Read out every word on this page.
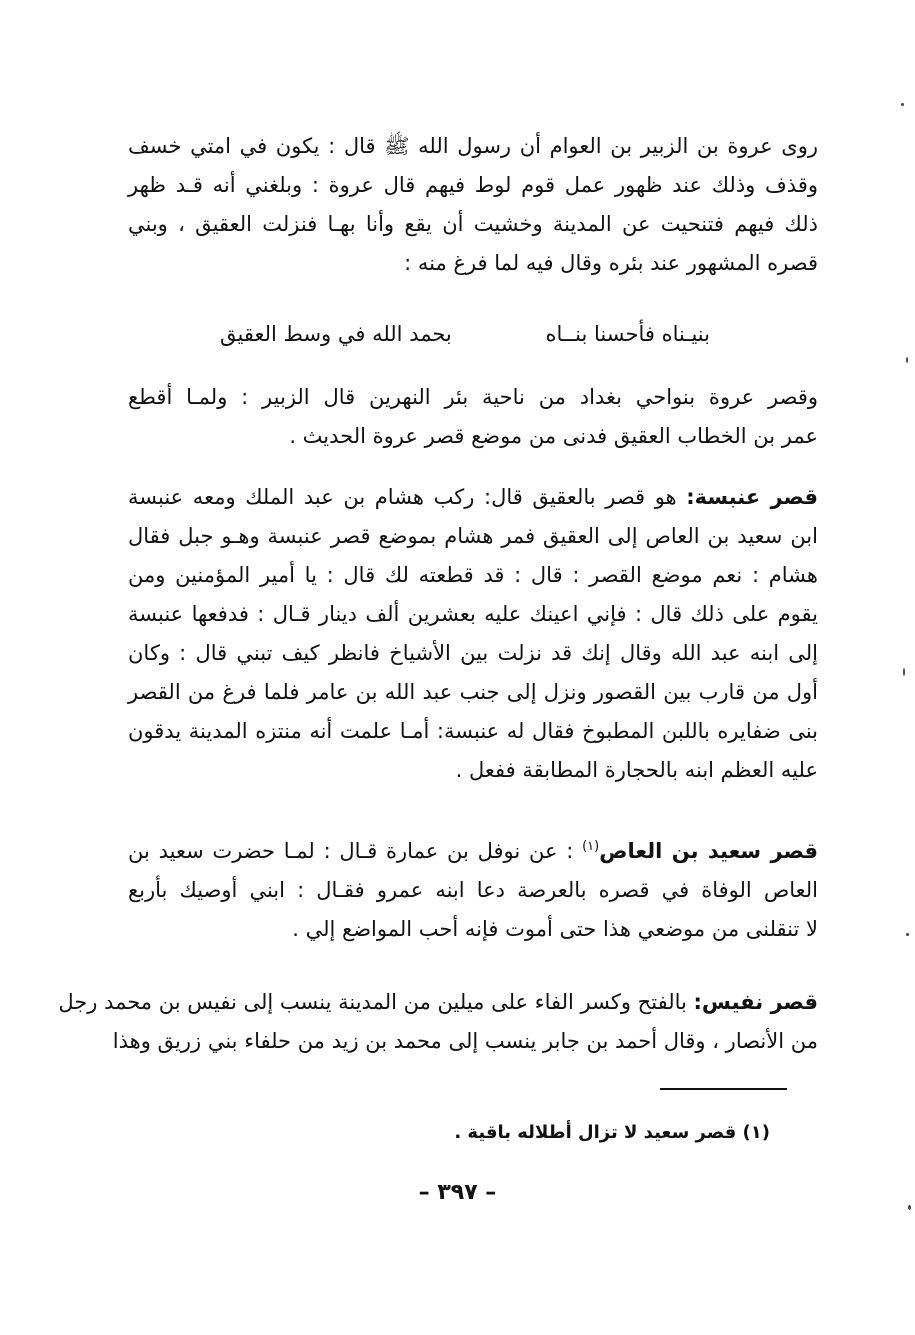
روى عروة بن الزبير بن العوام أن رسول الله ﷺ قال : يكون في امتي خسف
وقذف وذلك عند ظهور عمل قوم لوط فيهم قال عروة : وبلغني أنه قـد ظهر
ذلك فيهم فتنحيت عن المدينة وخشيت أن يقع وأنا بهـا فنزلت العقيق ، وبني
قصره المشهور عند بئره وقال فيه لما فرغ منه :
بنيـناه فأحسنا بنــاه
بحمد الله في وسط العقيق
وقصر عروة بنواحي بغداد من ناحية بئر النهرين قال الزبير : ولمـا أقطع
عمر بن الخطاب العقيق فدنى من موضع قصر عروة الحديث .
قصر عنبسة: هو قصر بالعقيق قال: ركب هشام بن عبد الملك ومعه عنبسة
ابن سعيد بن العاص إلى العقيق فمر هشام بموضع قصر عنبسة وهـو جبل فقال
هشام : نعم موضع القصر : قال : قد قطعته لك قال : يا أمير المؤمنين ومن
يقوم على ذلك قال : فإني اعينك عليه بعشرين ألف دينار قـال : فدفعها عنبسة
إلى ابنه عبد الله وقال إنك قد نزلت بين الأشياخ فانظر كيف تبني قال : وكان
أول من قارب بين القصور ونزل إلى جنب عبد الله بن عامر فلما فرغ من القصر
بنى ضفايره باللبن المطبوخ فقال له عنبسة: أمـا علمت أنه منتزه المدينة يدقون
عليه العظم ابنه بالحجارة المطابقة ففعل .
قصر سعيد بن العاص$^{(١)}$ : عن نوفل بن عمارة قـال : لمـا حضرت سعيد بن
العاص الوفاة في قصره بالعرصة دعا ابنه عمرو فقـال : ابني أوصيك بأربع
لا تنقلنى من موضعي هذا حتى أموت فإنه أحب المواضع إلي .
قصر نفيس: بالفتح وكسر الفاء على ميلين من المدينة ينسب إلى نفيس بن محمد رجل
من الأنصار ، وقال أحمد بن جابر ينسب إلى محمد بن زيد من حلفاء بني زريق وهذا
(١) قصر سعيد لا تزال أطلاله باقية .
– ٣٩٧ –
